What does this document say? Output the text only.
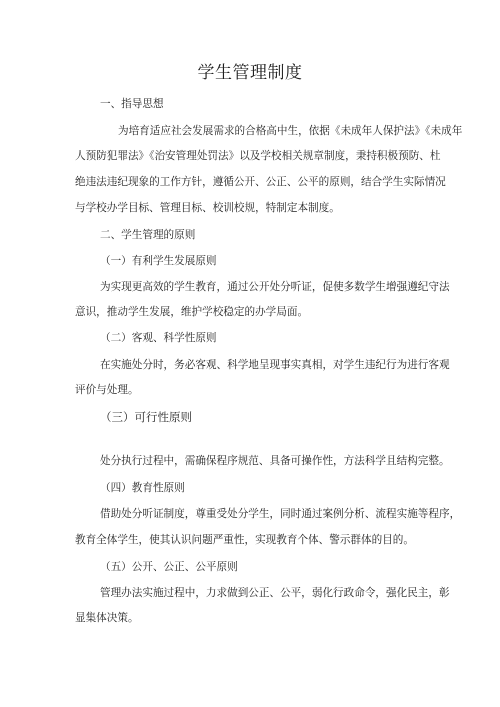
学生管理制度
一、指导思想
为培育适应社会发展需求的合格高中生，依据《未成年人保护法》《未成年
人预防犯罪法》《治安管理处罚法》以及学校相关规章制度，秉持积极预防、杜
绝违法违纪现象的工作方针，遵循公开、公正、公平的原则，结合学生实际情况
与学校办学目标、管理目标、校训校规，特制定本制度。
二、学生管理的原则
（一）有利学生发展原则
为实现更高效的学生教育，通过公开处分听证，促使多数学生增强遵纪守法
意识，推动学生发展，维护学校稳定的办学局面。
（二）客观、科学性原则
在实施处分时，务必客观、科学地呈现事实真相，对学生违纪行为进行客观
评价与处理。
（三）可行性原则
处分执行过程中，需确保程序规范、具备可操作性，方法科学且结构完整。
（四）教育性原则
借助处分听证制度，尊重受处分学生，同时通过案例分析、流程实施等程序，
教育全体学生，使其认识问题严重性，实现教育个体、警示群体的目的。
（五）公开、公正、公平原则
管理办法实施过程中，力求做到公正、公平，弱化行政命令，强化民主，彰
显集体决策。
